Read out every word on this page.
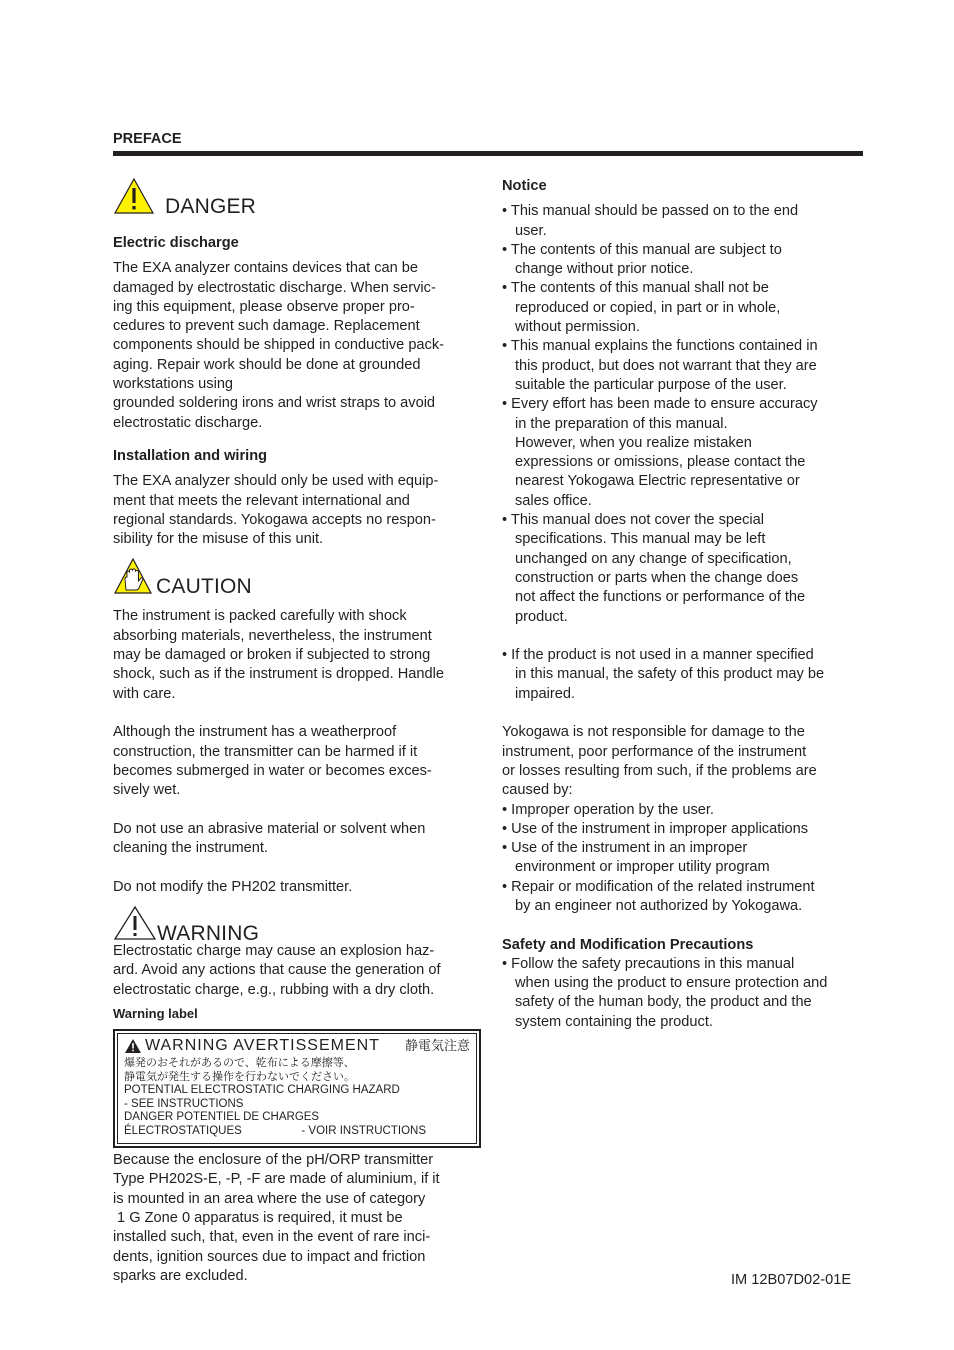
PREFACE
DANGER

Electric discharge

The EXA analyzer contains devices that can be
damaged by electrostatic discharge. When servic-
ing this equipment, please observe proper pro-
cedures to prevent such damage. Replacement
components should be shipped in conductive pack-
aging. Repair work should be done at grounded
workstations using
grounded soldering irons and wrist straps to avoid
electrostatic discharge.

Installation and wiring

The EXA analyzer should only be used with equip-
ment that meets the relevant international and
regional standards. Yokogawa accepts no respon-
sibility for the misuse of this unit.
CAUTION
The instrument is packed carefully with shock
absorbing materials, nevertheless, the instrument
may be damaged or broken if subjected to strong
shock, such as if the instrument is dropped. Handle
with care.
Although the instrument has a weatherproof
construction, the transmitter can be harmed if it
becomes submerged in water or becomes exces-
sively wet.
Do not use an abrasive material or solvent when
cleaning the instrument.
Do not modify the PH202 transmitter.
WARNING
Electrostatic charge may cause an explosion haz-
ard. Avoid any actions that cause the generation of
electrostatic charge, e.g., rubbing with a dry cloth.

Warning label

WARNING AVERTISSEMENT 静電気注意
爆発のおそれがあるので、乾布による摩擦等、
静電気が発生する操作を行わないでください。
POTENTIAL ELECTROSTATIC CHARGING HAZARD
- SEE INSTRUCTIONS
DANGER POTENTIEL DE CHARGES
ÉLECTROSTATIQUES	- VOIR INSTRUCTIONS
Because the enclosure of the pH/ORP transmitter
Type PH202S-E, -P, -F are made of aluminium, if it
is mounted in an area where the use of category
1 G Zone 0 apparatus is required, it must be
installed such, that, even in the event of rare inci-
dents, ignition sources due to impact and friction
sparks are excluded.

Notice

• This manual should be passed on to the end
user.
• The contents of this manual are subject to
change without prior notice.
• The contents of this manual shall not be
reproduced or copied, in part or in whole,
without permission.
• This manual explains the functions contained in
this product, but does not warrant that they are
suitable the particular purpose of the user.
• Every effort has been made to ensure accuracy
in the preparation of this manual.
However, when you realize mistaken
expressions or omissions, please contact the
nearest Yokogawa Electric representative or
sales office.
• This manual does not cover the special
specifications. This manual may be left
unchanged on any change of specification,
construction or parts when the change does
not affect the functions or performance of the
product.
• If the product is not used in a manner specified
in this manual, the safety of this product may be
impaired.
Yokogawa is not responsible for damage to the
instrument, poor performance of the instrument
or losses resulting from such, if the problems are
caused by:
• Improper operation by the user.
• Use of the instrument in improper applications
• Use of the instrument in an improper
environment or improper utility program
• Repair or modification of the related instrument
by an engineer not authorized by Yokogawa.

Safety and Modification Precautions

• Follow the safety precautions in this manual
when using the product to ensure protection and
safety of the human body, the product and the
system containing the product.
IM 12B07D02-01E
